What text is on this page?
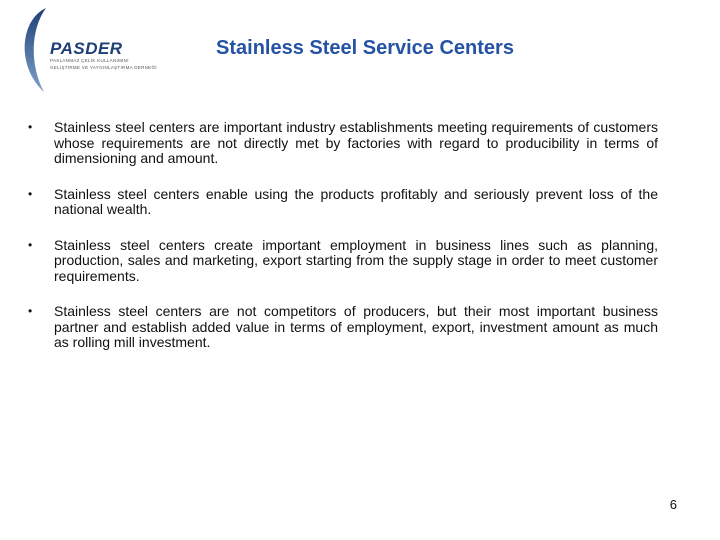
PASDER
PASLANMAZ ÇELİK KULLANIMINI
GELİŞTİRME VE YAYGINLAŞTIRMA DERNEĞİ
Stainless Steel Service Centers
• Stainless steel centers are important industry establishments meeting requirements of customers whose requirements are not directly met by factories with regard to producibility in terms of dimensioning and amount.
• Stainless steel centers enable using the products profitably and seriously prevent loss of the national wealth.
• Stainless steel centers create important employment in business lines such as planning, production, sales and marketing, export starting from the supply stage in order to meet customer requirements.
• Stainless steel centers are not competitors of producers, but their most important business partner and establish added value in terms of employment, export, investment amount as much as rolling mill investment.
6
